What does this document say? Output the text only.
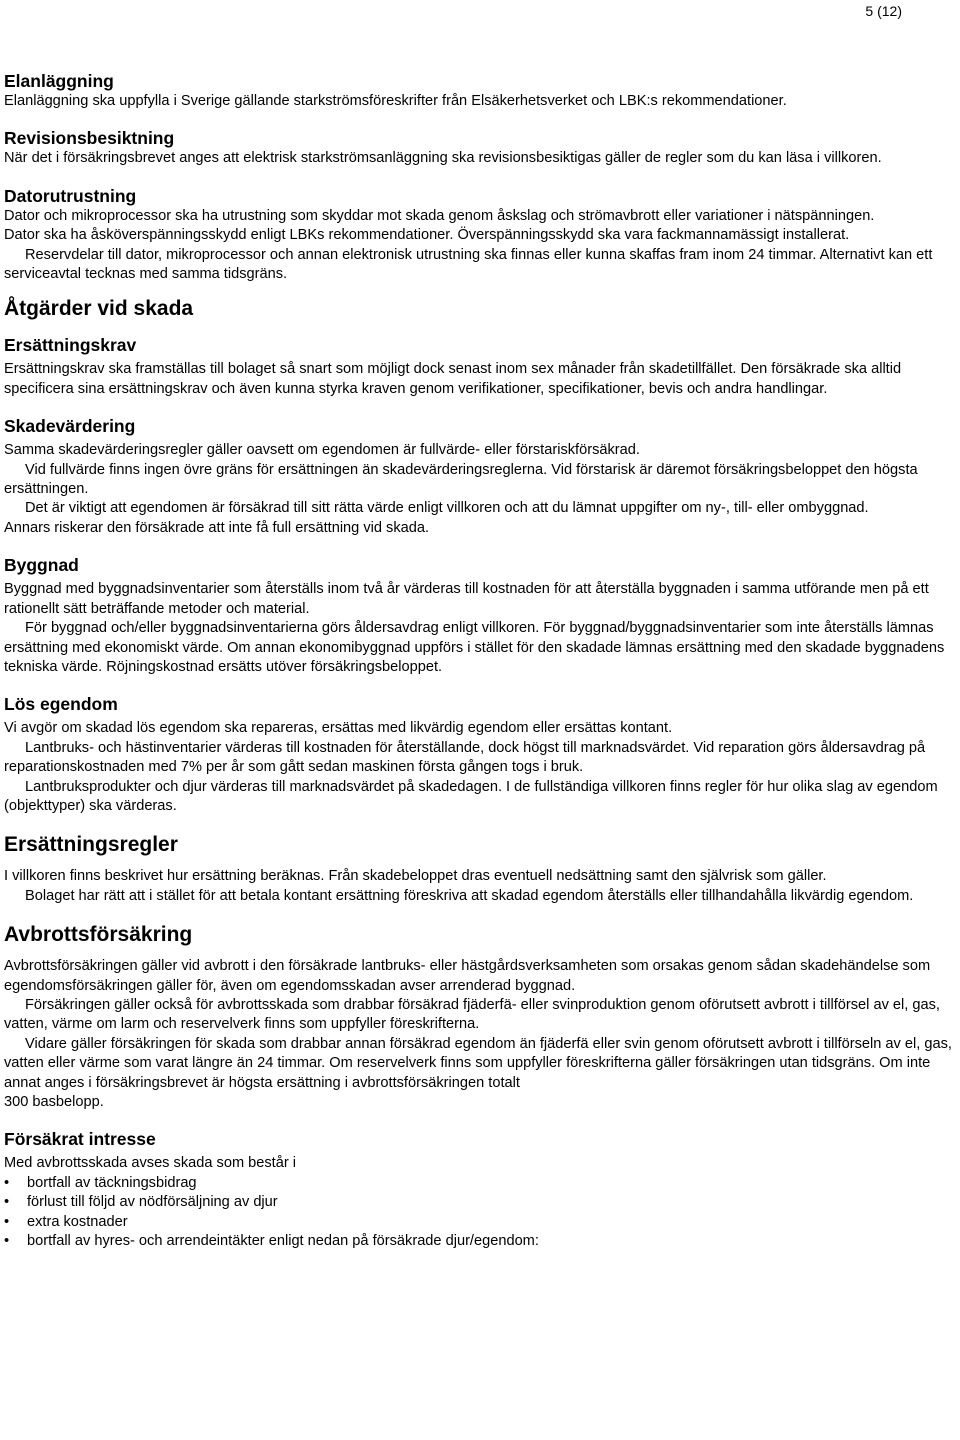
5 (12)
Elanläggning

Elanläggning ska uppfylla i Sverige gällande starkströmsföreskrifter från Elsäkerhetsverket och LBK:s rekommendationer.

Revisionsbesiktning

När det i försäkringsbrevet anges att elektrisk starkströmsanläggning ska revisionsbesiktigas gäller de regler som du kan läsa i villkoren.

Datorutrustning

Dator och mikroprocessor ska ha utrustning som skyddar mot skada genom åskslag och strömavbrott eller variationer i nätspänningen.

Dator ska ha åsköverspänningsskydd enligt LBKs rekommendationer. Överspänningsskydd ska vara fackmannamässigt installerat.

Reservdelar till dator, mikroprocessor och annan elektronisk utrustning ska finnas eller kunna skaffas fram inom 24 timmar. Alternativt kan ett serviceavtal tecknas med samma tidsgräns.

Åtgärder vid skada
Ersättningskrav

Ersättningskrav ska framställas till bolaget så snart som möjligt dock senast inom sex månader från skadetillfället. Den försäkrade ska alltid specificera sina ersättningskrav och även kunna styrka kraven genom verifikationer, specifikationer, bevis och andra handlingar.

Skadevärdering

Samma skadevärderingsregler gäller oavsett om egendomen är fullvärde- eller förstariskförsäkrad.

Vid fullvärde finns ingen övre gräns för ersättningen än skadevärderingsreglerna. Vid förstarisk är däremot försäkringsbeloppet den högsta ersättningen.

Det är viktigt att egendomen är försäkrad till sitt rätta värde enligt villkoren och att du lämnat uppgifter om ny-, till- eller ombyggnad.

Annars riskerar den försäkrade att inte få full ersättning vid skada.

Byggnad

Byggnad med byggnadsinventarier som återställs inom två år värderas till kostnaden för att återställa byggnaden i samma utförande men på ett rationellt sätt beträffande metoder och material.

För byggnad och/eller byggnadsinventarierna görs åldersavdrag enligt villkoren. För byggnad/byggnadsinventarier som inte återställs lämnas ersättning med ekonomiskt värde. Om annan ekonomibyggnad uppförs i stället för den skadade lämnas ersättning med den skadade byggnadens tekniska värde. Röjningskostnad ersätts utöver försäkringsbeloppet.

Lös egendom

Vi avgör om skadad lös egendom ska repareras, ersättas med likvärdig egendom eller ersättas kontant.

Lantbruks- och hästinventarier värderas till kostnaden för återställande, dock högst till marknadsvärdet. Vid reparation görs åldersavdrag på reparationskostnaden med 7% per år som gått sedan maskinen första gången togs i bruk.

Lantbruksprodukter och djur värderas till marknadsvärdet på skadedagen. I de fullständiga villkoren finns regler för hur olika slag av egendom (objekttyper) ska värderas.

Ersättningsregler

I villkoren finns beskrivet hur ersättning beräknas. Från skadebeloppet dras eventuell nedsättning samt den självrisk som gäller.

Bolaget har rätt att i stället för att betala kontant ersättning föreskriva att skadad egendom återställs eller tillhandahålla likvärdig egendom.

Avbrottsförsäkring

Avbrottsförsäkringen gäller vid avbrott i den försäkrade lantbruks- eller hästgårdsverksamheten som orsakas genom sådan skadehändelse som egendomsförsäkringen gäller för, även om egendomsskadan avser arrenderad byggnad.

Försäkringen gäller också för avbrottsskada som drabbar försäkrad fjäderfä- eller svinproduktion genom oförutsett avbrott i tillförsel av el, gas, vatten, värme om larm och reservelverk finns som uppfyller föreskrifterna.

Vidare gäller försäkringen för skada som drabbar annan försäkrad egendom än fjäderfä eller svin genom oförutsett avbrott i tillförseln av el, gas, vatten eller värme som varat längre än 24 timmar. Om reservelverk finns som uppfyller föreskrifterna gäller försäkringen utan tidsgräns. Om inte annat anges i försäkringsbrevet är högsta ersättning i avbrottsförsäkringen totalt

300 basbelopp.

Försäkrat intresse

Med avbrottsskada avses skada som består i

• bortfall av täckningsbidrag
• förlust till följd av nödförsäljning av djur
• extra kostnader
• bortfall av hyres- och arrendeintäkter enligt nedan på försäkrade djur/egendom:
